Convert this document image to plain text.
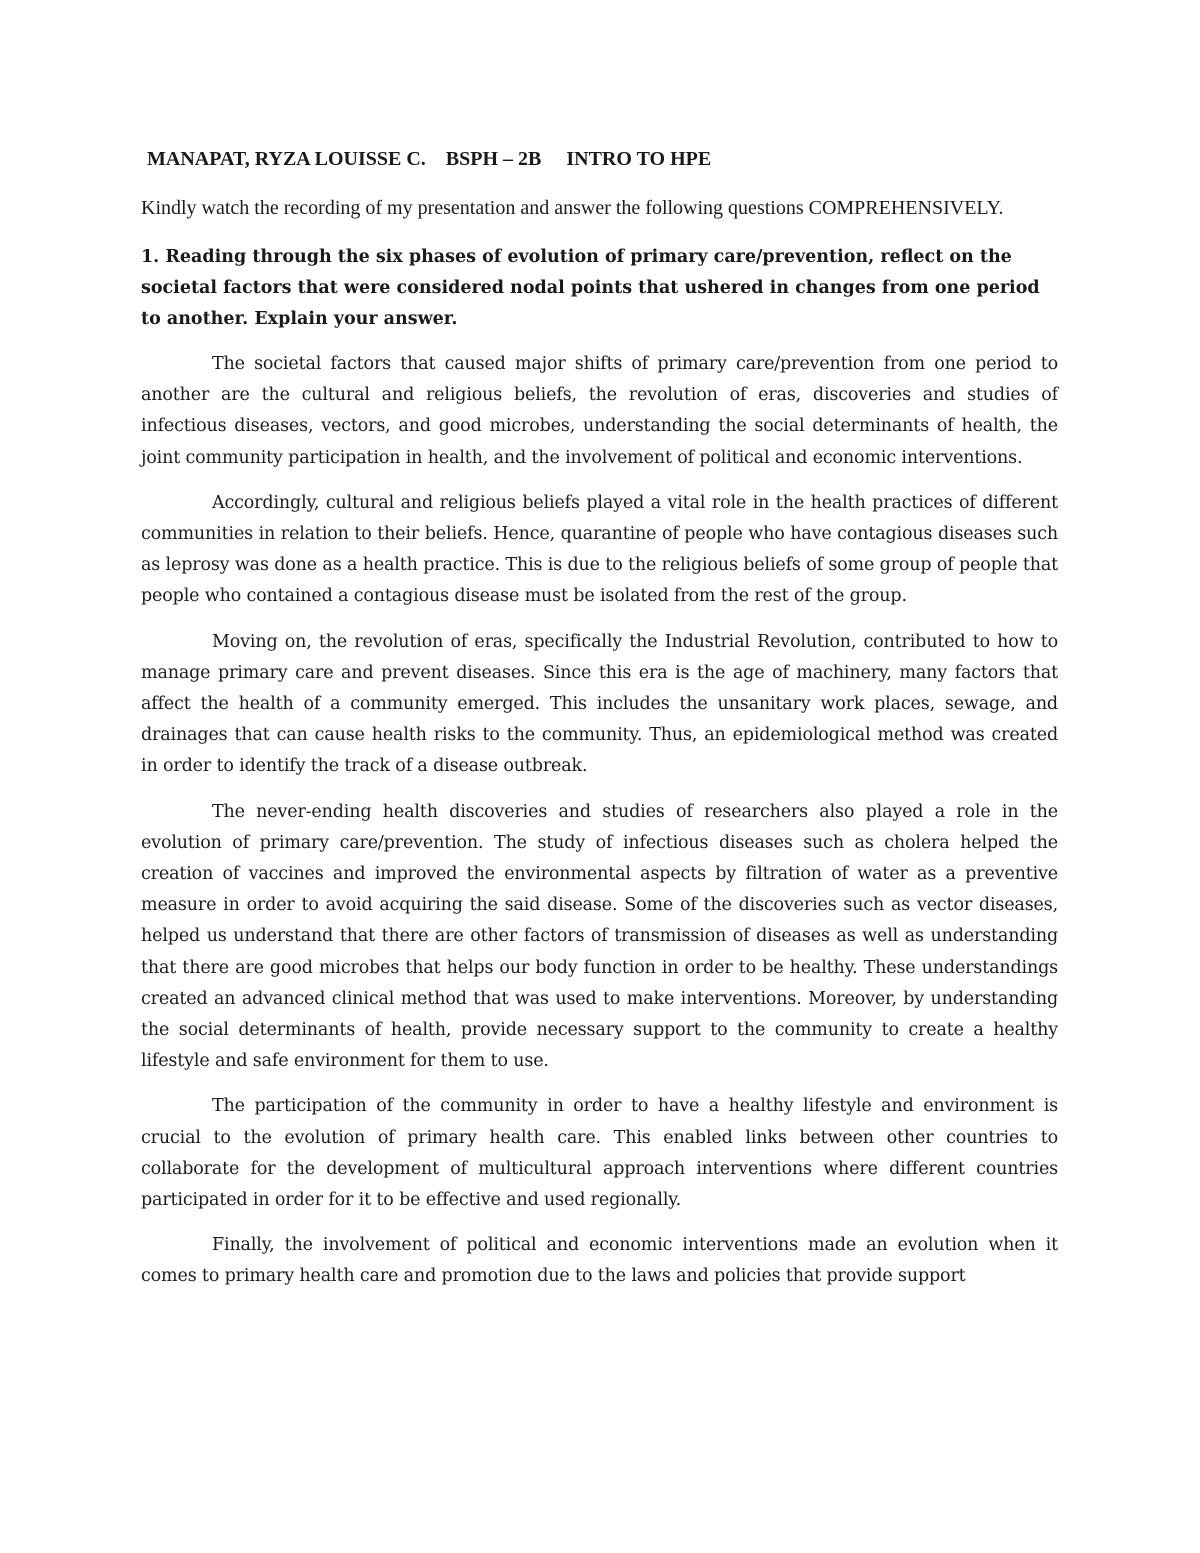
MANAPAT, RYZA LOUISSE C. BSPH – 2B INTRO TO HPE

Kindly watch the recording of my presentation and answer the following questions COMPREHENSIVELY.

1. Reading through the six phases of evolution of primary care/prevention, reflect on the societal factors that were considered nodal points that ushered in changes from one period to another. Explain your answer.

The societal factors that caused major shifts of primary care/prevention from one period to another are the cultural and religious beliefs, the revolution of eras, discoveries and studies of infectious diseases, vectors, and good microbes, understanding the social determinants of health, the joint community participation in health, and the involvement of political and economic interventions.

Accordingly, cultural and religious beliefs played a vital role in the health practices of different communities in relation to their beliefs. Hence, quarantine of people who have contagious diseases such as leprosy was done as a health practice. This is due to the religious beliefs of some group of people that people who contained a contagious disease must be isolated from the rest of the group.

Moving on, the revolution of eras, specifically the Industrial Revolution, contributed to how to manage primary care and prevent diseases. Since this era is the age of machinery, many factors that affect the health of a community emerged. This includes the unsanitary work places, sewage, and drainages that can cause health risks to the community. Thus, an epidemiological method was created in order to identify the track of a disease outbreak.

The never-ending health discoveries and studies of researchers also played a role in the evolution of primary care/prevention. The study of infectious diseases such as cholera helped the creation of vaccines and improved the environmental aspects by filtration of water as a preventive measure in order to avoid acquiring the said disease. Some of the discoveries such as vector diseases, helped us understand that there are other factors of transmission of diseases as well as understanding that there are good microbes that helps our body function in order to be healthy. These understandings created an advanced clinical method that was used to make interventions. Moreover, by understanding the social determinants of health, provide necessary support to the community to create a healthy lifestyle and safe environment for them to use.

The participation of the community in order to have a healthy lifestyle and environment is crucial to the evolution of primary health care. This enabled links between other countries to collaborate for the development of multicultural approach interventions where different countries participated in order for it to be effective and used regionally.

Finally, the involvement of political and economic interventions made an evolution when it comes to primary health care and promotion due to the laws and policies that provide support
